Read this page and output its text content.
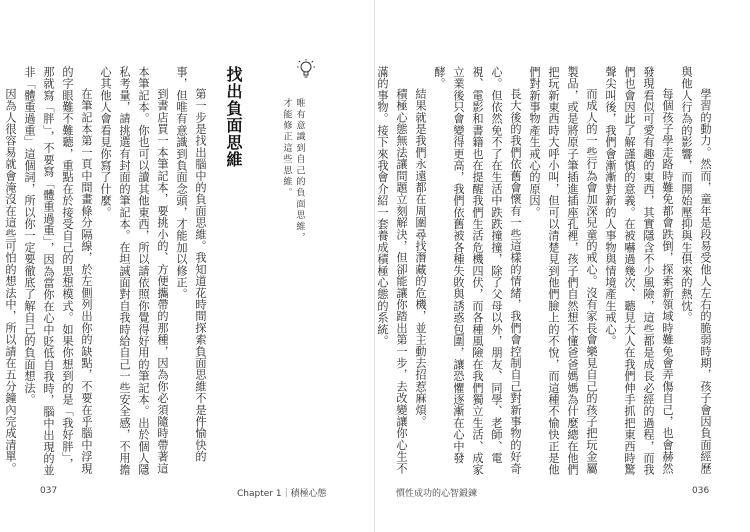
第一步是找出腦中的負面思維。我知道花時間探索負面思維不是件愉快的事，但唯有意識到負面念頭，才能加以修正。

到書店買一本筆記本，要挑小的、方便攜帶的那種，因為你必須隨時帶著這本筆記本。你也可以讀其他東西，所以請依照你覺得好用的筆記本。出於個人隱私考量，請挑選有封面的筆記本。在坦誠面對自我時給自己一些安全感，不用擔心其他人會看見你寫了什麼。

在筆記本第一頁中間畫條分隔線，於左側列出你的缺點，不要在乎腦中浮現的字眼難不難聽，重點在於接受自己的思想模式。如果你想到的是「我好胖」，那就寫「胖」，不要寫「體重過重」，因為當你在心中貶低自我時，腦中出現的並非「體重過重」這個詞，所以你一定要徹底了解自己的負面想法。

因為人很容易就會淹沒在這些可怕的想法中，所以請在五分鐘內完成清單。

找出負面思維	唯有意識到自己的負面思維，
才能修正這些思維。
037	Chapter 1｜積極心態

學習的動力。然而，童年是段易受他人左右的脆弱時期，孩子會因負面經歷與他人行為的影響，而開始壓抑與生俱來的熱忱。

每個孩子學走路時難免都會跌倒，探索新領域時難免會弄傷自己，也會赫然發現看似可愛有趣的東西，其實隱含不少風險，這些都是成長必經的過程，而我們也會因此了解謹慎的意義。在被嚇過幾次、聽見大人在我們伸手抓把東西時驚聲尖叫後，我們會漸漸對新的人事物與情境產生戒心。

而成人的一些行為會加深兒童的戒心。沒有家長會樂見自己的孩子把玩金屬製品，或是將原子筆插進插座孔裡，孩子們自然想不懂爸爸媽媽為什麼總在他們把玩新東西時大呼小叫，但可以清楚見到他們臉上的不悅，而這種不愉快正是他們對新事物產生戒心的原因。

長大後的我們依舊會懷有一些這樣的情緒，我們會控制自己對新事物的好奇心。但依然免不了在生活中跌跌撞撞，除了父母以外，朋友、同學、老師、電視、電影和書籍也在提醒我們生活危機四伏，而各種風險在我們獨立生活、成家立業後只會變得更高，我們依舊被各種失敗與誘惑包圍，讓恐懼逐漸在心中發酵。

結果就是我們永遠都在周圍尋找潛藏的危機，並主動去招惹麻煩。

積極心態無法讓問題立刻解決，但卻能讓你踏出第一步，去改變讓你心生不滿的事物。接下來我會介紹一套養成積極心態的系統。

慣性成功的心智鍛鍊	036
